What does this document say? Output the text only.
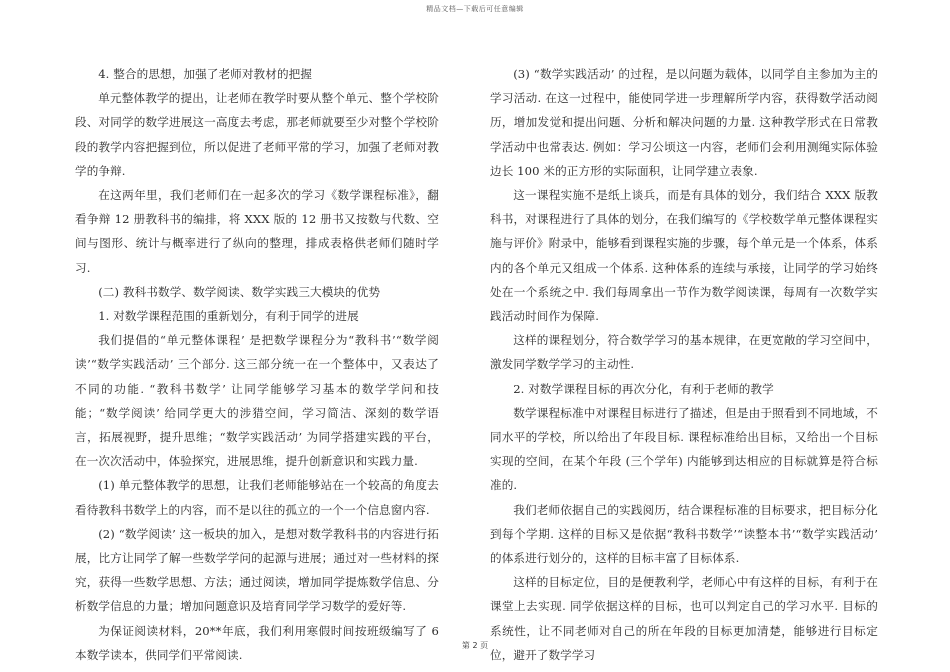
精品文档—下载后可任意编辑

4. 整合的思想，加强了老师对教材的把握

单元整体教学的提出，让老师在教学时要从整个单元、整个学校阶段、对同学的数学进展这一高度去考虑，那老师就要至少对整个学校阶段的教学内容把握到位，所以促进了老师平常的学习，加强了老师对教学的争辩.

在这两年里，我们老师们在一起多次的学习《数学课程标准》，翻看争辩 12 册教科书的编排，将 XXX 版的 12 册书又按数与代数、空间与图形、统计与概率进行了纵向的整理，排成表格供老师们随时学习.

(二) 教科书数学、数学阅读、数学实践三大模块的优势

1. 对数学课程范围的重新划分，有利于同学的进展

我们提倡的“单元整体课程’ 是把数学课程分为“教科书’“数学阅读’“数学实践活动’ 三个部分. 这三部分统一在一个整体中，又表达了不同的功能. “教科书数学’ 让同学能够学习基本的数学学问和技能；“数学阅读’ 给同学更大的涉猎空间，学习简洁、深刻的数学语言，拓展视野，提升思维；“数学实践活动’ 为同学搭建实践的平台，在一次次活动中，体验探究，进展思维，提升创新意识和实践力量.

(1) 单元整体教学的思想，让我们老师能够站在一个较高的角度去看待教科书数学上的内容，而不是以往的孤立的一个一个信息窗内容.

(2) “数学阅读’ 这一板块的加入，是想对数学教科书的内容进行拓展，比方让同学了解一些数学学问的起源与进展；通过对一些材料的探究，获得一些数学思想、方法；通过阅读，增加同学提炼数学信息、分析数学信息的力量；增加问题意识及培育同学学习数学的爱好等.

为保证阅读材料，20**年底，我们利用寒假时间按班级编写了 6 本数学读本，供同学们平常阅读.

(3) “数学实践活动’ 的过程，是以问题为载体，以同学自主参加为主的学习活动. 在这一过程中，能使同学进一步理解所学内容，获得数学活动阅历，增加发觉和提出问题、分析和解决问题的力量. 这种教学形式在日常教学活动中也常表达. 例如：学习公顷这一内容，老师们会利用测绳实际体验边长 100 米的正方形的实际面积，让同学建立表象.

这一课程实施不是纸上谈兵，而是有具体的划分，我们结合 XXX 版教科书，对课程进行了具体的划分，在我们编写的《学校数学单元整体课程实施与评价》附录中，能够看到课程实施的步骤，每个单元是一个体系，体系内的各个单元又组成一个体系. 这种体系的连续与承接，让同学的学习始终处在一个系统之中. 我们每周拿出一节作为数学阅读课，每周有一次数学实践活动时间作为保障.

这样的课程划分，符合数学学习的基本规律，在更宽敞的学习空间中，激发同学数学学习的主动性.

2. 对数学课程目标的再次分化，有利于老师的教学

数学课程标准中对课程目标进行了描述，但是由于照看到不同地域，不同水平的学校，所以给出了年段目标. 课程标准给出目标，又给出一个目标实现的空间，在某个年段 (三个学年) 内能够到达相应的目标就算是符合标准的.

我们老师依据自己的实践阅历，结合课程标准的目标要求，把目标分化到每个学期. 这样的目标又是依据“教科书数学’“读整本书’“数学实践活动’ 的体系进行划分的，这样的目标丰富了目标体系.

这样的目标定位，目的是便教利学，老师心中有这样的目标，有利于在课堂上去实现. 同学依据这样的目标，也可以判定自己的学习水平. 目标的系统性，让不同老师对自己的所在年段的目标更加清楚，能够进行目标定位，避开了数学学习

第 2 页
